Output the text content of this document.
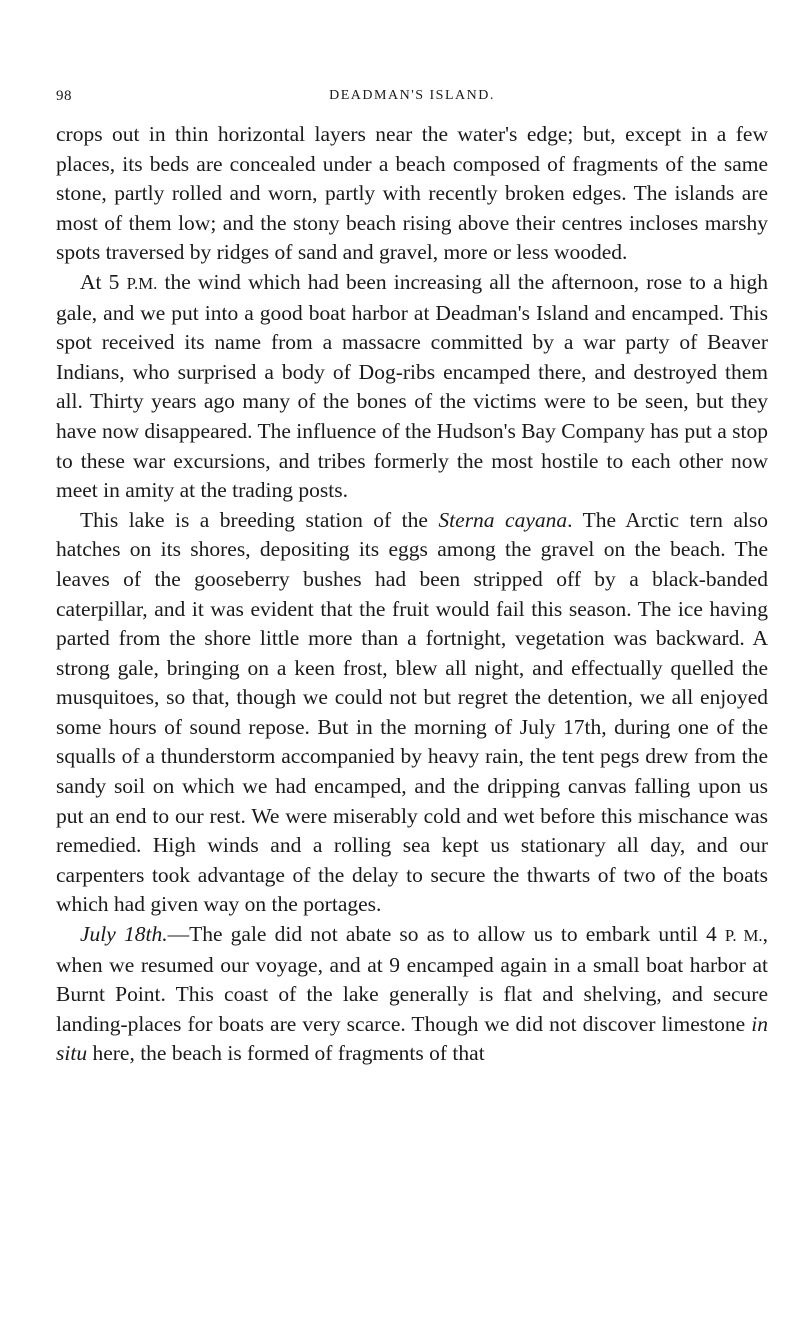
98	DEADMAN'S ISLAND.

crops out in thin horizontal layers near the water's edge; but, except in a few places, its beds are concealed under a beach composed of fragments of the same stone, partly rolled and worn, partly with recently broken edges. The islands are most of them low; and the stony beach rising above their centres incloses marshy spots traversed by ridges of sand and gravel, more or less wooded.

At 5 P.M. the wind which had been increasing all the afternoon, rose to a high gale, and we put into a good boat harbor at Deadman's Island and encamped. This spot received its name from a massacre committed by a war party of Beaver Indians, who surprised a body of Dog-ribs encamped there, and destroyed them all. Thirty years ago many of the bones of the victims were to be seen, but they have now disappeared. The influence of the Hudson's Bay Company has put a stop to these war excursions, and tribes formerly the most hostile to each other now meet in amity at the trading posts.

This lake is a breeding station of the Sterna cayana. The Arctic tern also hatches on its shores, depositing its eggs among the gravel on the beach. The leaves of the gooseberry bushes had been stripped off by a black-banded caterpillar, and it was evident that the fruit would fail this season. The ice having parted from the shore little more than a fortnight, vegetation was backward. A strong gale, bringing on a keen frost, blew all night, and effectually quelled the musquitoes, so that, though we could not but regret the detention, we all enjoyed some hours of sound repose. But in the morning of July 17th, during one of the squalls of a thunderstorm accompanied by heavy rain, the tent pegs drew from the sandy soil on which we had encamped, and the dripping canvas falling upon us put an end to our rest. We were miserably cold and wet before this mischance was remedied. High winds and a rolling sea kept us stationary all day, and our carpenters took advantage of the delay to secure the thwarts of two of the boats which had given way on the portages.

July 18th.—The gale did not abate so as to allow us to embark until 4 P. M., when we resumed our voyage, and at 9 encamped again in a small boat harbor at Burnt Point. This coast of the lake generally is flat and shelving, and secure landing-places for boats are very scarce. Though we did not discover limestone in situ here, the beach is formed of fragments of that
